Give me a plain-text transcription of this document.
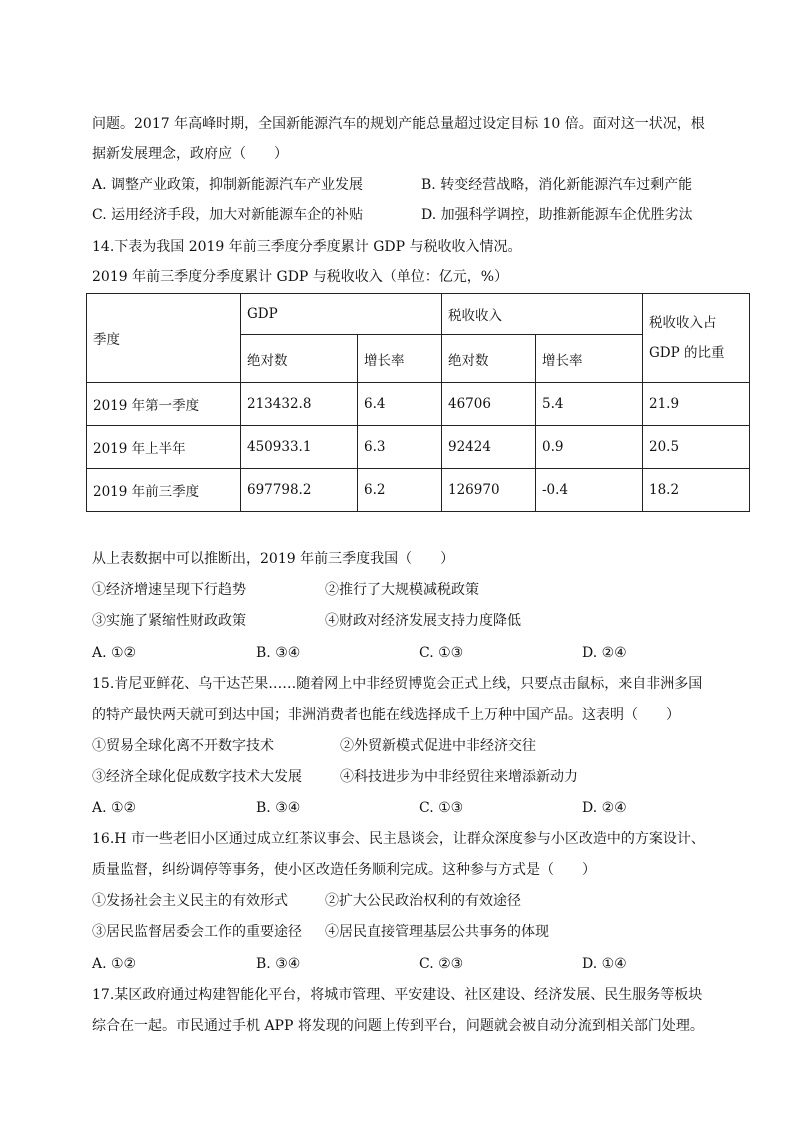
问题。2017 年高峰时期，全国新能源汽车的规划产能总量超过设定目标 10 倍。面对这一状况，根
据新发展理念，政府应（　　）
A. 调整产业政策，抑制新能源汽车产业发展	B. 转变经营战略，消化新能源汽车过剩产能
C. 运用经济手段，加大对新能源车企的补贴	D. 加强科学调控，助推新能源车企优胜劣汰
14.下表为我国 2019 年前三季度分季度累计 GDP 与税收收入情况。
2019 年前三季度分季度累计 GDP 与税收收入（单位：亿元，%）
季度	GDP		税收收入		税收收入占
GDP 的比重

	绝对数	增长率	绝对数	增长率	
2019 年第一季度	213432.8	6.4	46706	5.4	21.9
2019 年上半年	450933.1	6.3	92424	0.9	20.5
2019 年前三季度	697798.2	6.2	126970	-0.4	18.2
从上表数据中可以推断出，2019 年前三季度我国（　　）
①经济增速呈现下行趋势	②推行了大规模减税政策
③实施了紧缩性财政政策	④财政对经济发展支持力度降低
A. ①②	B. ③④	C. ①③	D. ②④
15.肯尼亚鲜花、乌干达芒果……随着网上中非经贸博览会正式上线，只要点击鼠标，来自非洲多国
的特产最快两天就可到达中国；非洲消费者也能在线选择成千上万种中国产品。这表明（　　）
①贸易全球化离不开数字技术	②外贸新模式促进中非经济交往
③经济全球化促成数字技术大发展	④科技进步为中非经贸往来增添新动力
A. ①②	B. ③④	C. ①③	D. ②④
16.H 市一些老旧小区通过成立红茶议事会、民主恳谈会，让群众深度参与小区改造中的方案设计、
质量监督，纠纷调停等事务，使小区改造任务顺利完成。这种参与方式是（　　）
①发扬社会主义民主的有效形式	②扩大公民政治权利的有效途径
③居民监督居委会工作的重要途径 ④居民直接管理基层公共事务的体现
A. ①②	B. ③④	C. ②③	D. ①④
17.某区政府通过构建智能化平台，将城市管理、平安建设、社区建设、经济发展、民生服务等板块
综合在一起。市民通过手机 APP 将发现的问题上传到平台，问题就会被自动分流到相关部门处理。
